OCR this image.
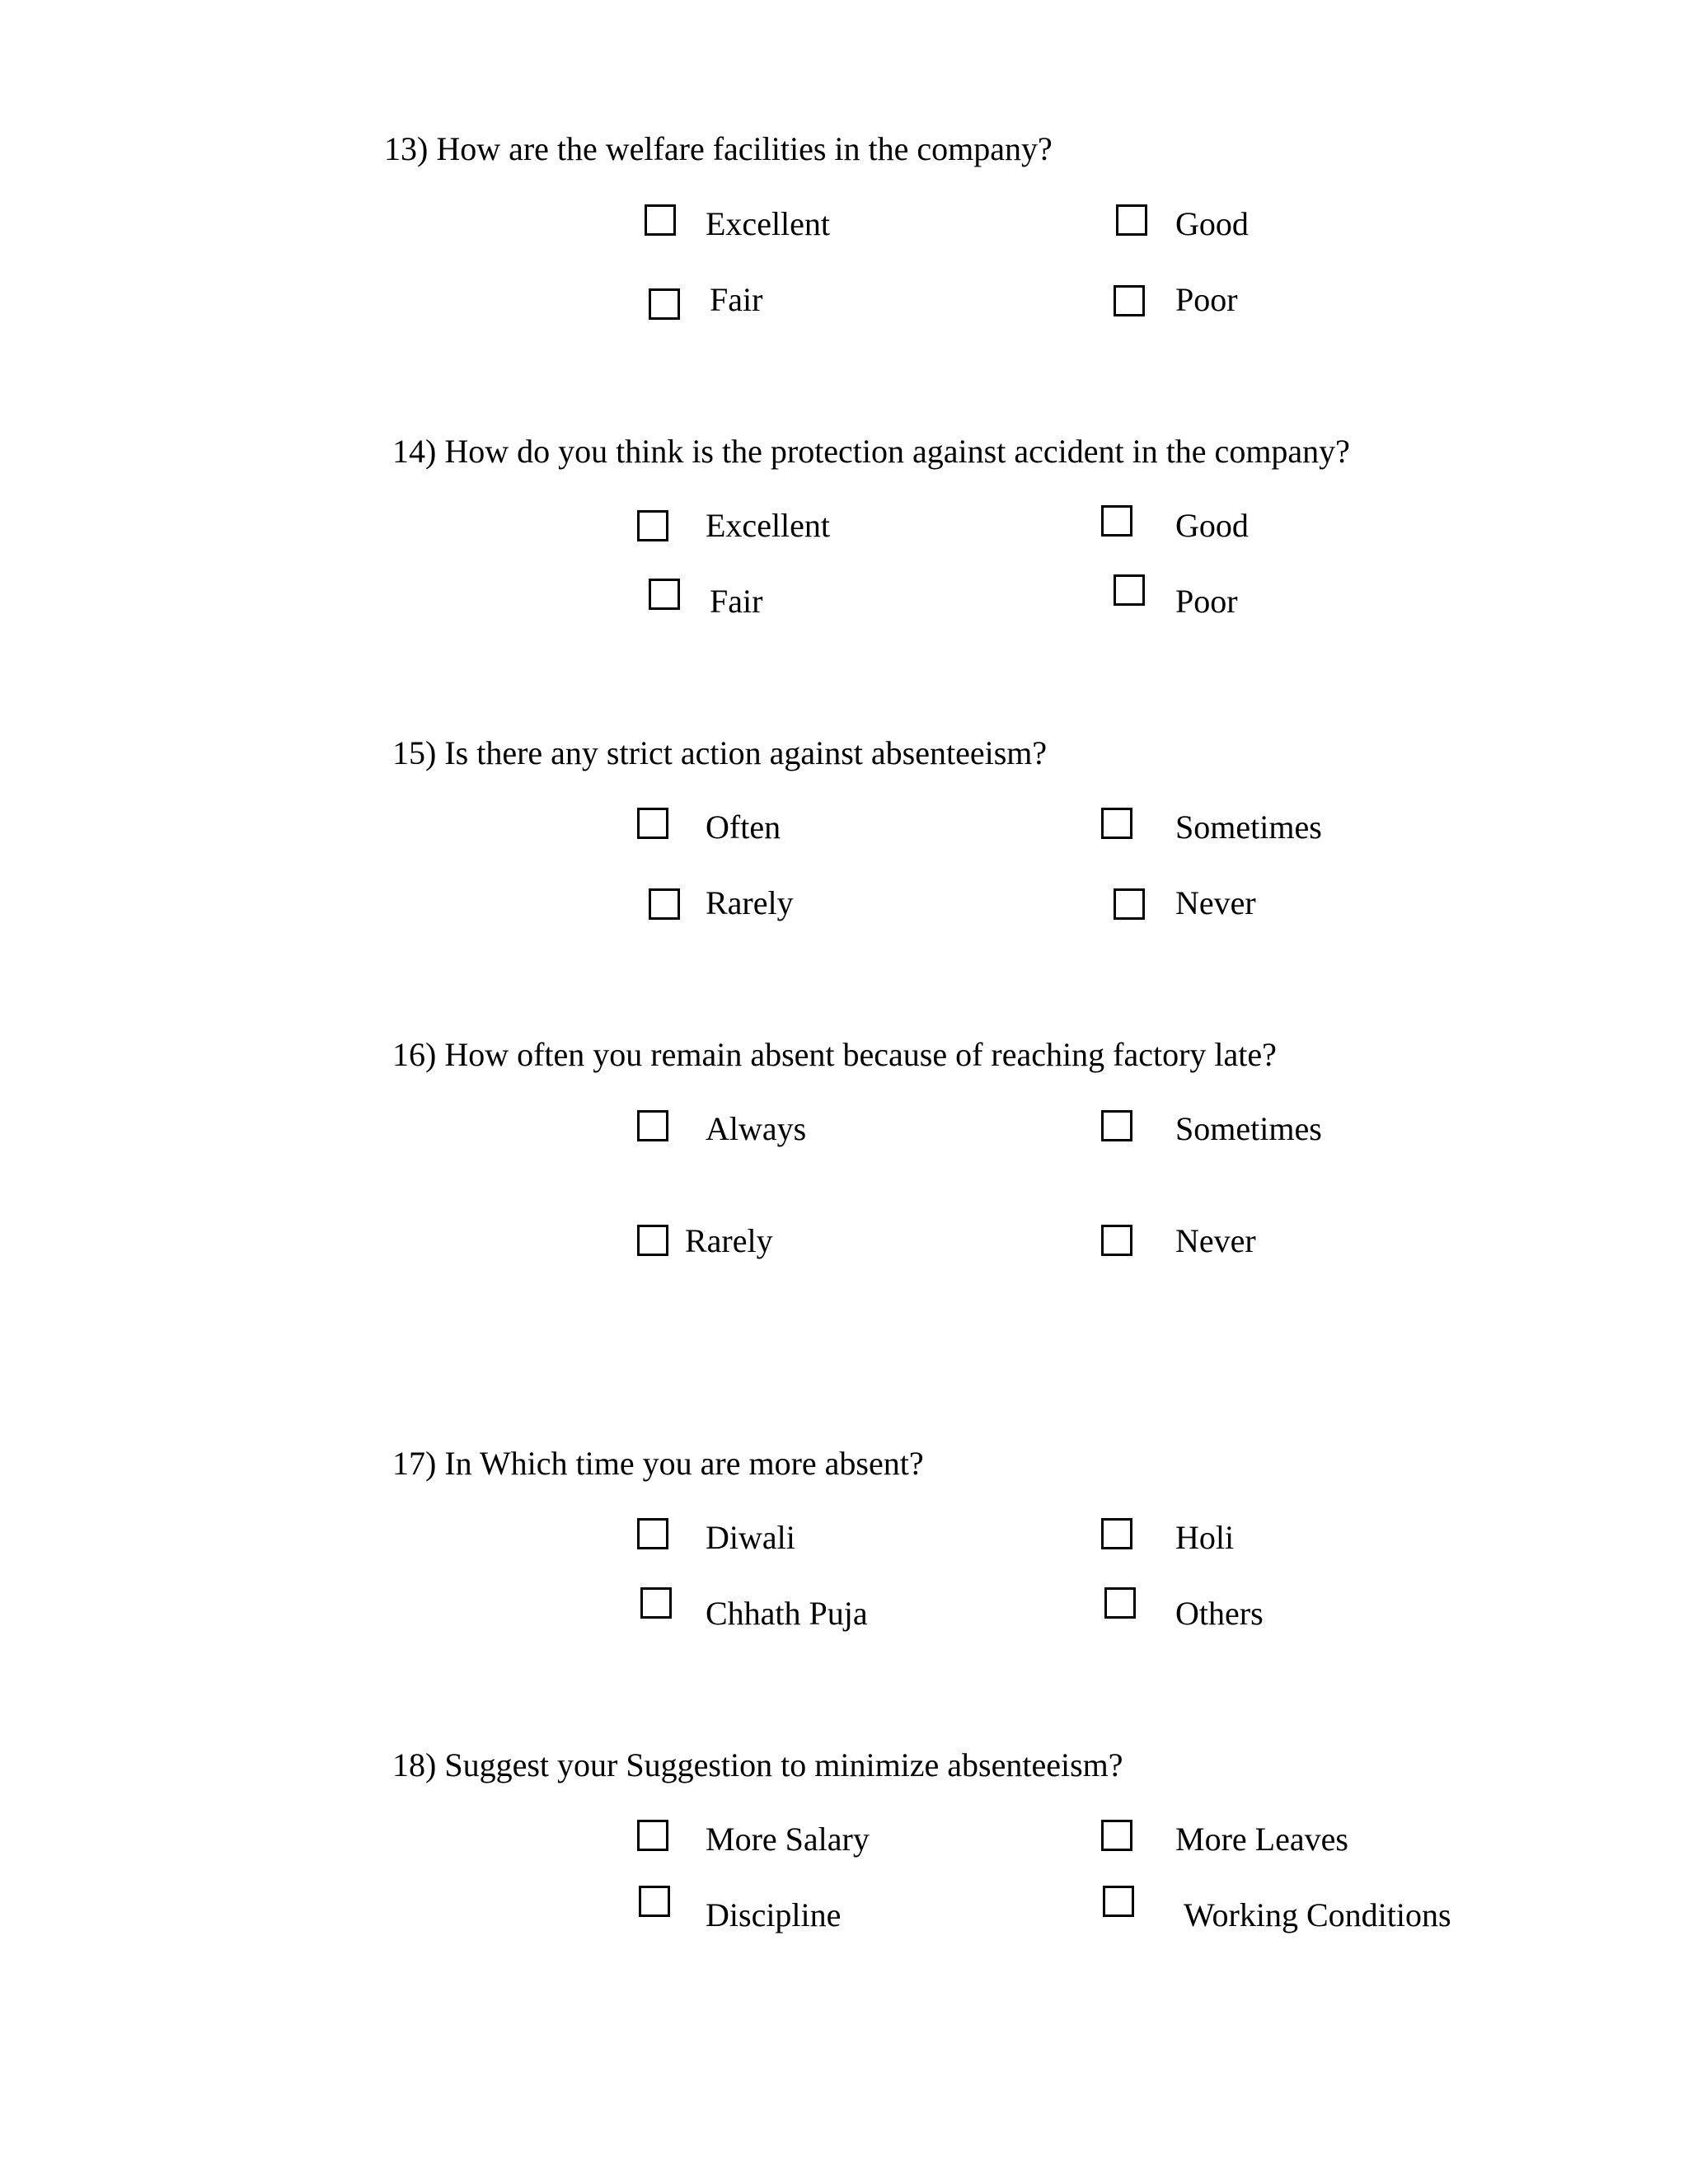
13) How are the welfare facilities in the company?

Excellent	Good
Fair	Poor

14) How do you think is the protection against accident in the company?

Excellent	Good
Fair	Poor

15) Is there any strict action against absenteeism?

Often	Sometimes
Rarely	Never

16) How often you remain absent because of reaching factory late?

Always	Sometimes
Rarely	Never

17) In Which time you are more absent?

Diwali	Holi
Chhath Puja	Others

18) Suggest your Suggestion to minimize absenteeism?

More Salary	More Leaves
Discipline	Working Conditions
